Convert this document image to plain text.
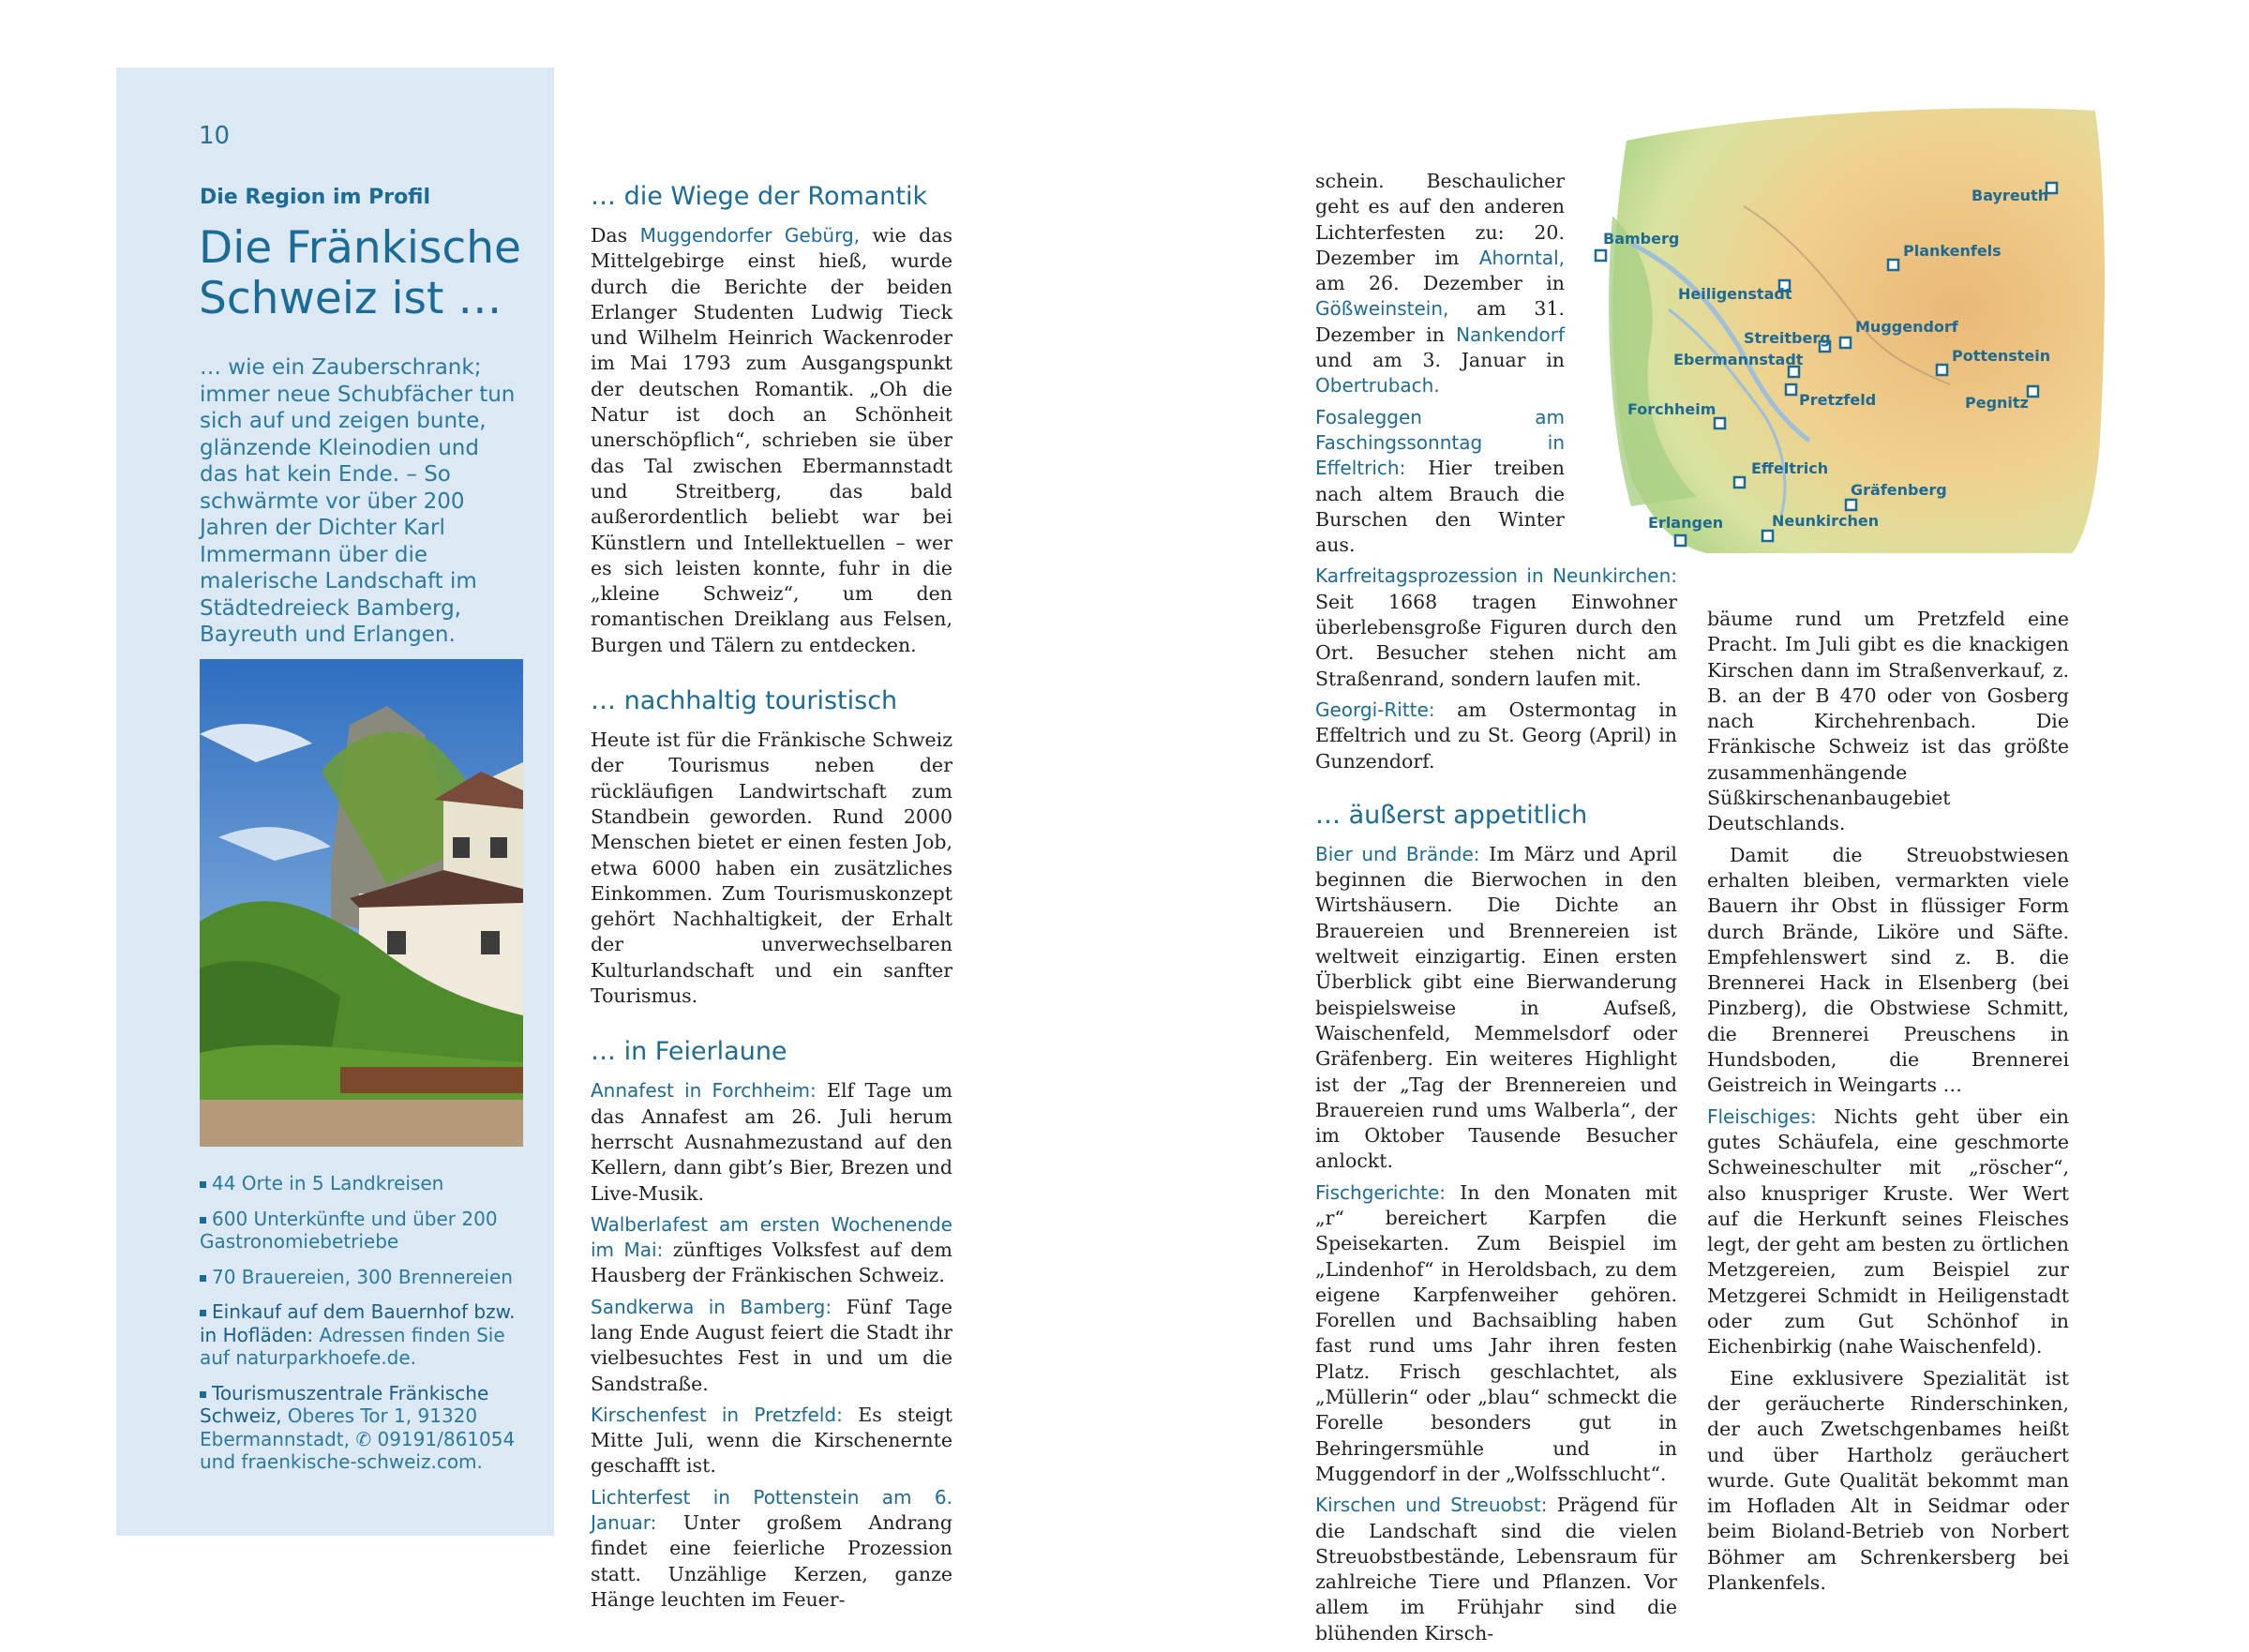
10
Die Region im Profil
Die Fränkische Schweiz ist …
… wie ein Zauberschrank; immer neue Schubfächer tun sich auf und zeigen bunte, glänzende Kleinodien und das hat kein Ende. – So schwärmte vor über 200 Jahren der Dichter Karl Immermann über die malerische Landschaft im Städtedreieck Bamberg, Bayreuth und Erlangen.
44 Orte in 5 Landkreisen
600 Unterkünfte und über 200 Gastronomiebetriebe
70 Brauereien, 300 Brennereien
Einkauf auf dem Bauernhof bzw. in Hofläden: Adressen finden Sie auf naturparkhoefe.de.
Tourismuszentrale Fränkische Schweiz, Oberes Tor 1, 91320 Ebermannstadt, ✆ 09191/861054 und fraenkische-schweiz.com.
… die Wiege der Romantik

Das Muggendorfer Gebürg, wie das Mittelgebirge einst hieß, wurde durch die Berichte der beiden Erlanger Studenten Ludwig Tieck und Wilhelm Heinrich Wackenroder im Mai 1793 zum Ausgangspunkt der deutschen Romantik. „Oh die Natur ist doch an Schönheit unerschöpflich“, schrieben sie über das Tal zwischen Ebermannstadt und Streitberg, das bald außerordentlich beliebt war bei Künstlern und Intellektuellen – wer es sich leisten konnte, fuhr in die „kleine Schweiz“, um den romantischen Dreiklang aus Felsen, Burgen und Tälern zu entdecken.

… nachhaltig touristisch

Heute ist für die Fränkische Schweiz der Tourismus neben der rückläufigen Landwirtschaft zum Standbein geworden. Rund 2000 Menschen bietet er einen festen Job, etwa 6000 haben ein zusätzliches Einkommen. Zum Tourismuskonzept gehört Nachhaltigkeit, der Erhalt der unverwechselbaren Kulturlandschaft und ein sanfter Tourismus.

… in Feierlaune

Annafest in Forchheim: Elf Tage um das Annafest am 26. Juli herum herrscht Ausnahmezustand auf den Kellern, dann gibt’s Bier, Brezen und Live-Musik.

Walberlafest am ersten Wochenende im Mai: zünftiges Volksfest auf dem Hausberg der Fränkischen Schweiz.

Sandkerwa in Bamberg: Fünf Tage lang Ende August feiert die Stadt ihr vielbesuchtes Fest in und um die Sandstraße.

Kirschenfest in Pretzfeld: Es steigt Mitte Juli, wenn die Kirschenernte geschafft ist.

Lichterfest in Pottenstein am 6. Januar: Unter großem Andrang findet eine feierliche Prozession statt. Unzählige Kerzen, ganze Hänge leuchten im Feuer-

Bayreuth
Bamberg
Plankenfels
Heiligenstadt
Muggendorf
Streitberg
Pottenstein
Ebermannstadt
Pegnitz
Pretzfeld
Forchheim
Effeltrich
Gräfenberg
Erlangen	Neunkirchen

schein. Beschaulicher geht es auf den anderen Lichterfesten zu: 20. Dezember im Ahorntal, am 26. Dezember in Gößweinstein, am 31. Dezember in Nankendorf und am 3. Januar in Obertrubach.

Fosaleggen am Faschingssonntag in Effeltrich: Hier treiben nach altem Brauch die Burschen den Winter aus.

Karfreitagsprozession in Neunkirchen: Seit 1668 tragen Einwohner überlebensgroße Figuren durch den Ort. Besucher stehen nicht am Straßenrand, sondern laufen mit.

Georgi-Ritte: am Ostermontag in Effeltrich und zu St. Georg (April) in Gunzendorf.

… äußerst appetitlich

Bier und Brände: Im März und April beginnen die Bierwochen in den Wirtshäusern. Die Dichte an Brauereien und Brennereien ist weltweit einzigartig. Einen ersten Überblick gibt eine Bierwanderung beispielsweise in Aufseß, Waischenfeld, Memmelsdorf oder Gräfenberg. Ein weiteres Highlight ist der „Tag der Brennereien und Brauereien rund ums Walberla“, der im Oktober Tausende Besucher anlockt.

Fischgerichte: In den Monaten mit „r“ bereichert Karpfen die Speisekarten. Zum Beispiel im „Lindenhof“ in Heroldsbach, zu dem eigene Karpfenweiher gehören. Forellen und Bachsaibling haben fast rund ums Jahr ihren festen Platz. Frisch geschlachtet, als „Müllerin“ oder „blau“ schmeckt die Forelle besonders gut in Behringersmühle und in Muggendorf in der „Wolfsschlucht“.

Kirschen und Streuobst: Prägend für die Landschaft sind die vielen Streuobstbestände, Lebensraum für zahlreiche Tiere und Pflanzen. Vor allem im Frühjahr sind die blühenden Kirsch-

bäume rund um Pretzfeld eine Pracht. Im Juli gibt es die knackigen Kirschen dann im Straßenverkauf, z. B. an der B 470 oder von Gosberg nach Kirchehrenbach. Die Fränkische Schweiz ist das größte zusammenhängende Süßkirschenanbaugebiet Deutschlands.

Damit die Streuobstwiesen erhalten bleiben, vermarkten viele Bauern ihr Obst in flüssiger Form durch Brände, Liköre und Säfte. Empfehlenswert sind z. B. die Brennerei Hack in Elsenberg (bei Pinzberg), die Obstwiese Schmitt, die Brennerei Preuschens in Hundsboden, die Brennerei Geistreich in Weingarts …

Fleischiges: Nichts geht über ein gutes Schäufela, eine geschmorte Schweineschulter mit „röscher“, also knuspriger Kruste. Wer Wert auf die Herkunft seines Fleisches legt, der geht am besten zu örtlichen Metzgereien, zum Beispiel zur Metzgerei Schmidt in Heiligenstadt oder zum Gut Schönhof in Eichenbirkig (nahe Waischenfeld).

Eine exklusivere Spezialität ist der geräucherte Rinderschinken, der auch Zwetschgenbames heißt und über Hartholz geräuchert wurde. Gute Qualität bekommt man im Hofladen Alt in Seidmar oder beim Bioland-Betrieb von Norbert Böhmer am Schrenkersberg bei Plankenfels.
